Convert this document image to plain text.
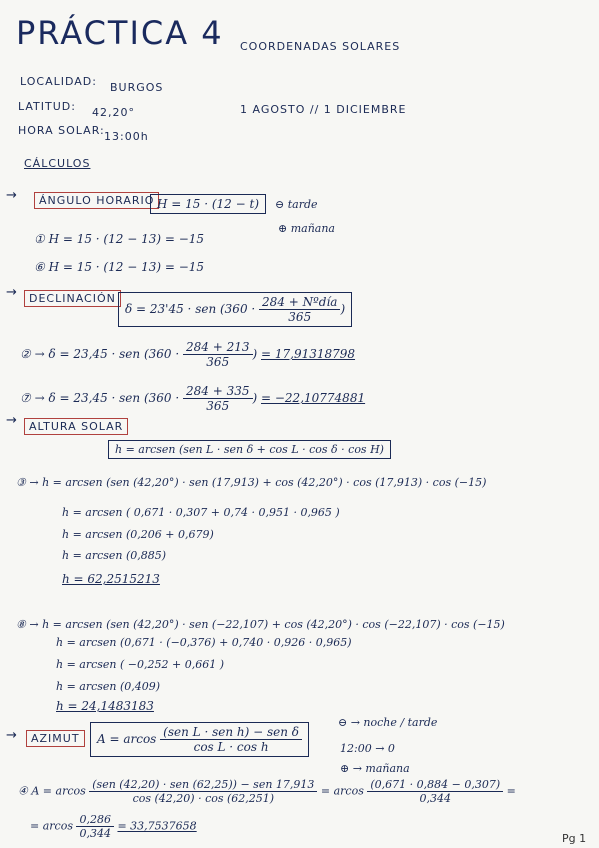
PRÁCTICA 4 COORDENADAS SOLARES
LOCALIDAD: BURGOS
LATITUD: 42,20°
HORA SOLAR: 13:00h
1 AGOSTO // 1 DICIEMBRE
CÁLCULOS
→	ÁNGULO HORARIO H = 15 · (12 − t)	⊖ tarde
⊕ mañana
① H = 15 · (12 − 13) = −15
⑥ H = 15 · (12 − 13) = −15
→	DECLINACIÓN
δ = 23'45 · sen ($360 \cdot \frac{\text{284 + Nºdía}}{365}$ )
② → δ = 23,45 · sen ($360 \cdot \frac{284 + 213}{365}$ ) = 17,91318798
⑦ → δ = 23,45 · sen ($360 \cdot \frac{284 + 335}{365}$ ) = −22,10774881
→	ALTURA SOLAR
h = arcsen (sen L · sen δ + cos L · cos δ · cos H)
③ → h = arcsen (sen (42,20°) · sen (17,913) + cos (42,20°) · cos (17,913) · cos (−15)
h = arcsen ( 0,671 · 0,307 + 0,74 · 0,951 · 0,965 )
h = arcsen (0,206 + 0,679)
h = arcsen (0,885)
h = 62,2515213
⑧ → h = arcsen (sen (42,20°) · sen (−22,107) + cos (42,20°) · cos (−22,107) · cos (−15)
h = arcsen (0,671 · (−0,376) + 0,740 · 0,926 · 0,965)
h = arcsen ( −0,252 + 0,661 )
h = arcsen (0,409)
h = 24,1483183
→	AZIMUT	A = arcos $\frac{\text{(sen L · sen h) − sen δ}}{\text{cos L · cos h}}$
⊖ → noche / tarde
12:00 → 0
⊕ → mañana
④ A = arcos $\frac{\text{(sen (42,20) · sen (62,25)) − sen 17,913}}{\cos (42,20) \cdot \cos (62,251)} = arcos \frac{(0,671 \cdot 0,884 - 0,307)}{0,344}$ =
= arcos $\frac{0,286}{0,344} = 33,7537658$
Pg 1
